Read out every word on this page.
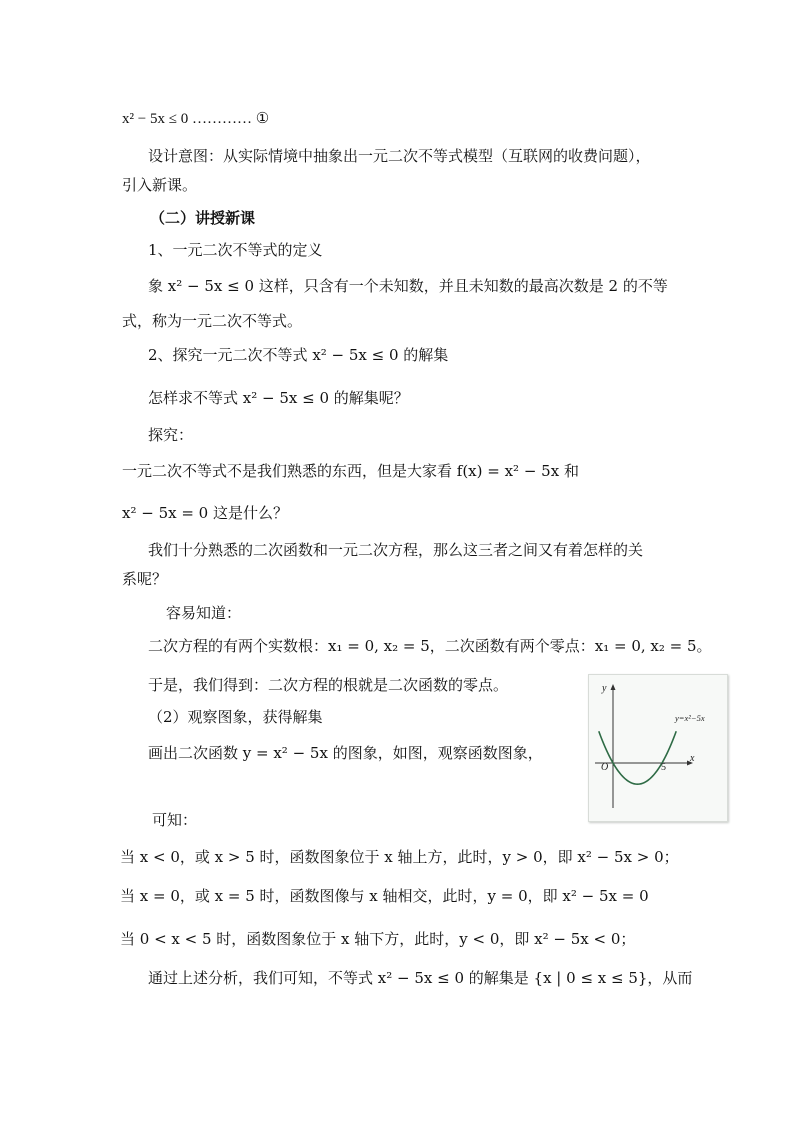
x² − 5x ≤ 0 ………… ①
设计意图：从实际情境中抽象出一元二次不等式模型（互联网的收费问题），
引入新课。
（二）讲授新课
1、一元二次不等式的定义
象 x² − 5x ≤ 0 这样，只含有一个未知数，并且未知数的最高次数是 2 的不等
式，称为一元二次不等式。
2、探究一元二次不等式 x² − 5x ≤ 0 的解集
怎样求不等式 x² − 5x ≤ 0 的解集呢？
探究：
一元二次不等式不是我们熟悉的东西，但是大家看 f(x) = x² − 5x 和
x² − 5x = 0 这是什么？
我们十分熟悉的二次函数和一元二次方程，那么这三者之间又有着怎样的关
系呢？
容易知道：
二次方程的有两个实数根：x₁ = 0, x₂ = 5，二次函数有两个零点：x₁ = 0, x₂ = 5。
于是，我们得到：二次方程的根就是二次函数的零点。
（2）观察图象，获得解集
画出二次函数 y = x² − 5x 的图象，如图，观察函数图象，
可知：
当 x < 0，或 x > 5 时，函数图象位于 x 轴上方，此时，y > 0，即 x² − 5x > 0；
当 x = 0，或 x = 5 时，函数图像与 x 轴相交，此时，y = 0，即 x² − 5x = 0
当 0 < x < 5 时，函数图象位于 x 轴下方，此时，y < 0，即 x² − 5x < 0；
通过上述分析，我们可知，不等式 x² − 5x ≤ 0 的解集是 {x | 0 ≤ x ≤ 5}，从而
y
x
O	5
y=x²−5x
